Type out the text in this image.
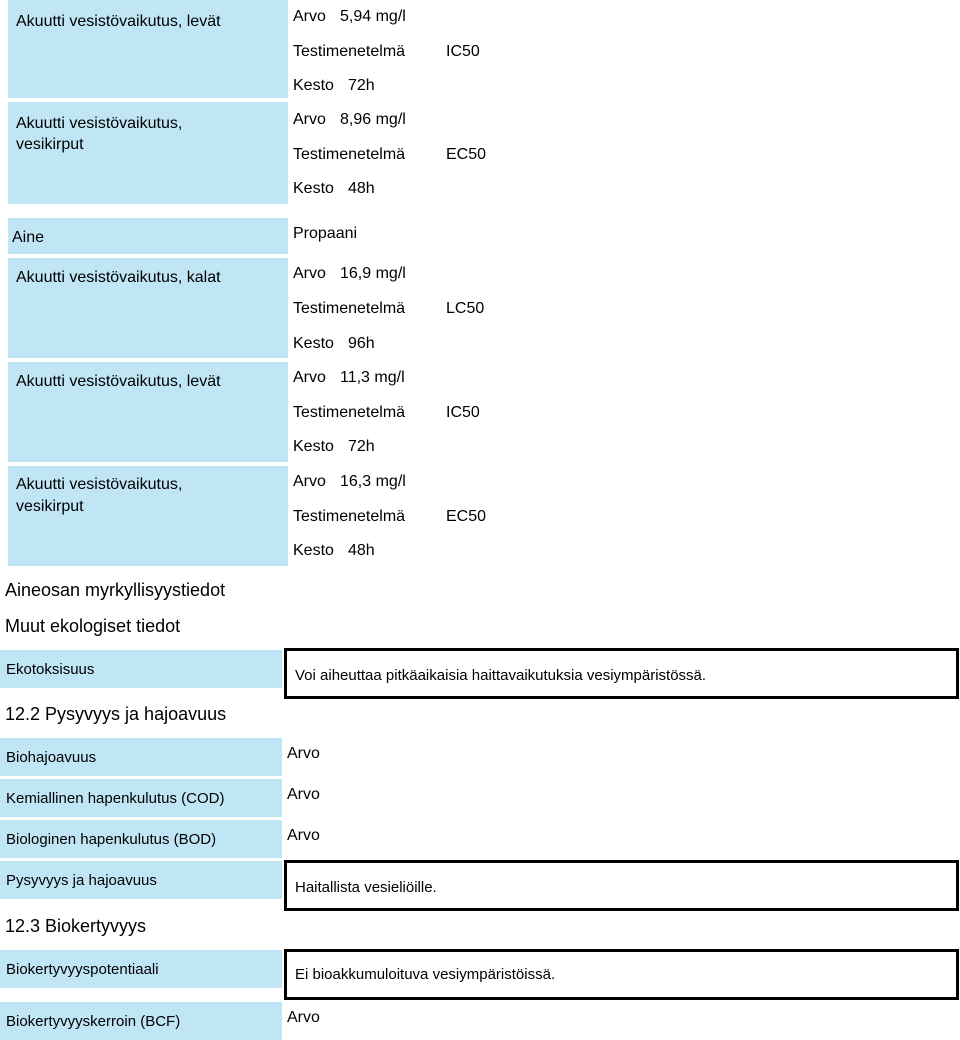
Akuutti vesistövaikutus, levät	Arvo 5,94 mg/l
Testimenetelmä	IC50
Kesto 72h
Akuutti vesistövaikutus,
vesikirput
Arvo 8,96 mg/l
Testimenetelmä	EC50
Kesto 48h
Aine	Propaani
Akuutti vesistövaikutus, kalat	Arvo 16,9 mg/l
Testimenetelmä	LC50
Kesto 96h
Akuutti vesistövaikutus, levät	Arvo 11,3 mg/l
Testimenetelmä	IC50
Kesto 72h
Akuutti vesistövaikutus,
vesikirput
Arvo 16,3 mg/l
Testimenetelmä	EC50
Kesto 48h
Aineosan myrkyllisyystiedot
Muut ekologiset tiedot
Ekotoksisuus	Voi aiheuttaa pitkäaikaisia haittavaikutuksia vesiympäristössä.
12.2 Pysyvyys ja hajoavuus
Biohajoavuus	Arvo
Kemiallinen hapenkulutus (COD)	Arvo
Biologinen hapenkulutus (BOD)	Arvo
Pysyvyys ja hajoavuus	Haitallista vesieliöille.
12.3 Biokertyvyys
Biokertyvyyspotentiaali	Ei bioakkumuloituva vesiympäristöissä.
Biokertyvyyskerroin (BCF)	Arvo
